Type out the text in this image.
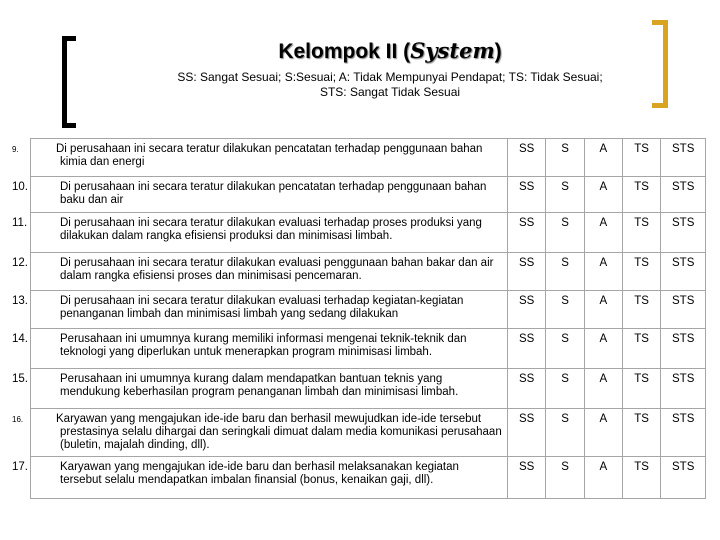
Kelompok II (System)
SS: Sangat Sesuai; S:Sesuai; A: Tidak Mempunyai Pendapat; TS: Tidak Sesuai;
STS: Sangat Tidak Sesuai
9. Di perusahaan ini secara teratur dilakukan pencatatan terhadap penggunaan bahan kimia dan energi	SS	S	A	TS	STS

10. Di perusahaan ini secara teratur dilakukan pencatatan terhadap penggunaan bahan baku dan air	SS	S	A	TS	STS

11. Di perusahaan ini secara teratur dilakukan evaluasi terhadap proses produksi yang dilakukan dalam rangka efisiensi produksi dan minimisasi limbah.	SS	S	A	TS	STS

12. Di perusahaan ini secara teratur dilakukan evaluasi penggunaan bahan bakar dan air dalam rangka efisiensi proses dan minimisasi pencemaran.	SS	S	A	TS	STS

13. Di perusahaan ini secara teratur dilakukan evaluasi terhadap kegiatan-kegiatan penanganan limbah dan minimisasi limbah yang sedang dilakukan	SS	S	A	TS	STS

14. Perusahaan ini umumnya kurang memiliki informasi mengenai teknik-teknik dan teknologi yang diperlukan untuk menerapkan program minimisasi limbah.	SS	S	A	TS	STS

15. Perusahaan ini umumnya kurang dalam mendapatkan bantuan teknis yang mendukung keberhasilan program penanganan limbah dan minimisasi limbah.	SS	S	A	TS	STS

16. Karyawan yang mengajukan ide-ide baru dan berhasil mewujudkan ide-ide tersebut prestasinya selalu dihargai dan seringkali dimuat dalam media komunikasi perusahaan (buletin, majalah dinding, dll).	SS	S	A	TS	STS

17. Karyawan yang mengajukan ide-ide baru dan berhasil melaksanakan kegiatan tersebut selalu mendapatkan imbalan finansial (bonus, kenaikan gaji, dll).	SS	S	A	TS	STS
